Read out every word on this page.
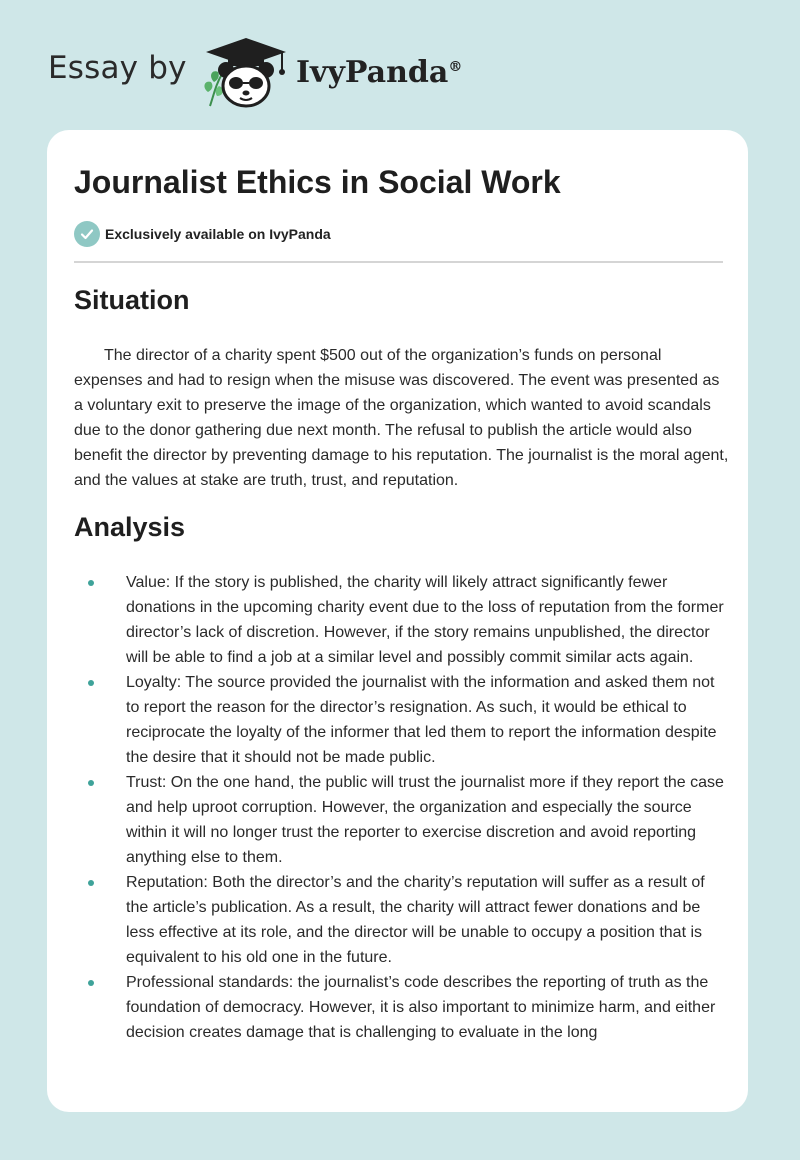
Essay by	IvyPanda®
Journalist Ethics in Social Work
Exclusively available on IvyPanda
Situation

The director of a charity spent $500 out of the organization’s funds on personal expenses and had to resign when the misuse was discovered. The event was presented as a voluntary exit to preserve the image of the organization, which wanted to avoid scandals due to the donor gathering due next month. The refusal to publish the article would also benefit the director by preventing damage to his reputation. The journalist is the moral agent, and the values at stake are truth, trust, and reputation.

Analysis
Value: If the story is published, the charity will likely attract significantly fewer donations in the upcoming charity event due to the loss of reputation from the former director’s lack of discretion. However, if the story remains unpublished, the director will be able to find a job at a similar level and possibly commit similar acts again.
Loyalty: The source provided the journalist with the information and asked them not to report the reason for the director’s resignation. As such, it would be ethical to reciprocate the loyalty of the informer that led them to report the information despite the desire that it should not be made public.
Trust: On the one hand, the public will trust the journalist more if they report the case and help uproot corruption. However, the organization and especially the source within it will no longer trust the reporter to exercise discretion and avoid reporting anything else to them.
Reputation: Both the director’s and the charity’s reputation will suffer as a result of the article’s publication. As a result, the charity will attract fewer donations and be less effective at its role, and the director will be unable to occupy a position that is equivalent to his old one in the future.
Professional standards: the journalist’s code describes the reporting of truth as the foundation of democracy. However, it is also important to minimize harm, and either decision creates damage that is challenging to evaluate in the long
